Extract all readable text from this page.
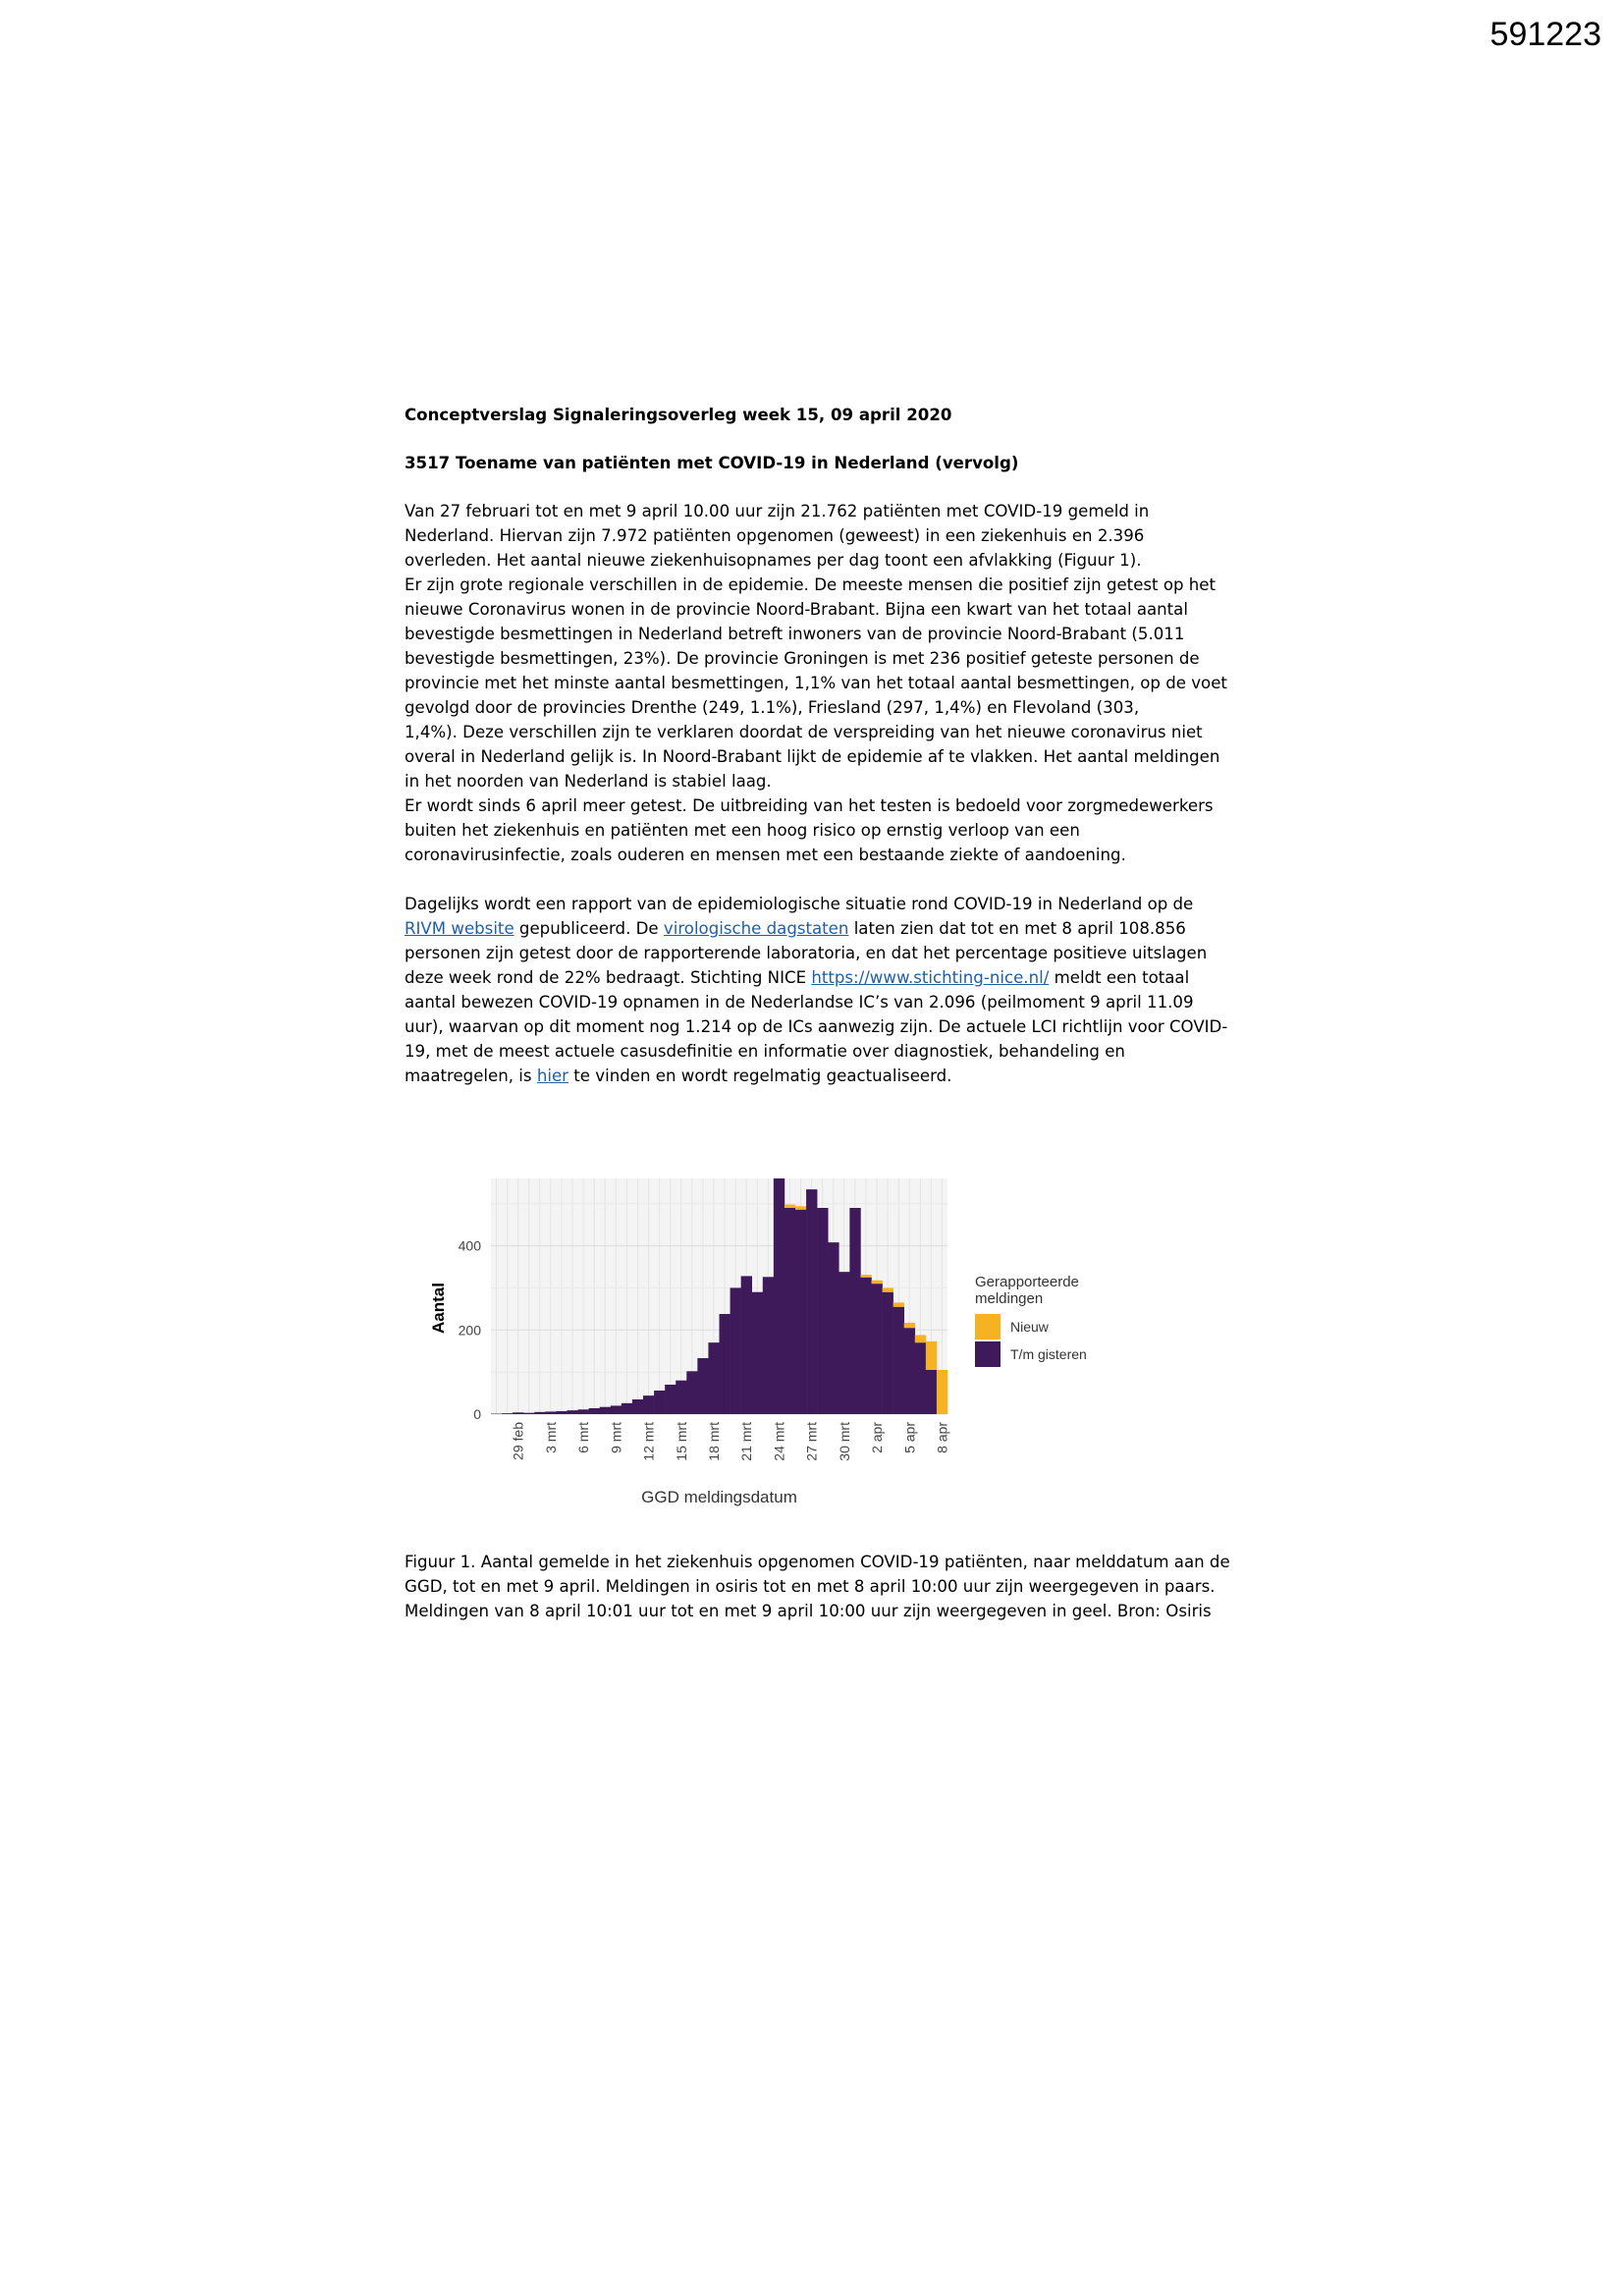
591223

Conceptverslag Signaleringsoverleg week 15, 09 april 2020

3517 Toename van patiënten met COVID-19 in Nederland (vervolg)

Van 27 februari tot en met 9 april 10.00 uur zijn 21.762 patiënten met COVID-19 gemeld in
Nederland. Hiervan zijn 7.972 patiënten opgenomen (geweest) in een ziekenhuis en 2.396
overleden. Het aantal nieuwe ziekenhuisopnames per dag toont een afvlakking (Figuur 1).
Er zijn grote regionale verschillen in de epidemie. De meeste mensen die positief zijn getest op het
nieuwe Coronavirus wonen in de provincie Noord-Brabant. Bijna een kwart van het totaal aantal
bevestigde besmettingen in Nederland betreft inwoners van de provincie Noord-Brabant (5.011
bevestigde besmettingen, 23%). De provincie Groningen is met 236 positief geteste personen de
provincie met het minste aantal besmettingen, 1,1% van het totaal aantal besmettingen, op de voet
gevolgd door de provincies Drenthe (249, 1.1%), Friesland (297, 1,4%) en Flevoland (303,
1,4%). Deze verschillen zijn te verklaren doordat de verspreiding van het nieuwe coronavirus niet
overal in Nederland gelijk is. In Noord-Brabant lijkt de epidemie af te vlakken. Het aantal meldingen
in het noorden van Nederland is stabiel laag.
Er wordt sinds 6 april meer getest. De uitbreiding van het testen is bedoeld voor zorgmedewerkers
buiten het ziekenhuis en patiënten met een hoog risico op ernstig verloop van een
coronavirusinfectie, zoals ouderen en mensen met een bestaande ziekte of aandoening.
Dagelijks wordt een rapport van de epidemiologische situatie rond COVID-19 in Nederland op de
RIVM website gepubliceerd. De virologische dagstaten laten zien dat tot en met 8 april 108.856
personen zijn getest door de rapporterende laboratoria, en dat het percentage positieve uitslagen
deze week rond de 22% bedraagt. Stichting NICE https://www.stichting-nice.nl/ meldt een totaal
aantal bewezen COVID-19 opnamen in de Nederlandse IC’s van 2.096 (peilmoment 9 april 11.09
uur), waarvan op dit moment nog 1.214 op de ICs aanwezig zijn. De actuele LCI richtlijn voor COVID-
19, met de meest actuele casusdefinitie en informatie over diagnostiek, behandeling en
maatregelen, is hier te vinden en wordt regelmatig geactualiseerd.
0
200
400
29 feb 3 mrt 6 mrt 9 mrt 12 mrt 15 mrt 18 mrt 21 mrt 24 mrt 27 mrt 30 mrt 2 apr 5 apr 8 apr
Aantal
GGD meldingsdatum
Gerapporteerde
meldingen
Nieuw
T/m gisteren
Figuur 1. Aantal gemelde in het ziekenhuis opgenomen COVID-19 patiënten, naar melddatum aan de
GGD, tot en met 9 april. Meldingen in osiris tot en met 8 april 10:00 uur zijn weergegeven in paars.
Meldingen van 8 april 10:01 uur tot en met 9 april 10:00 uur zijn weergegeven in geel. Bron: Osiris
